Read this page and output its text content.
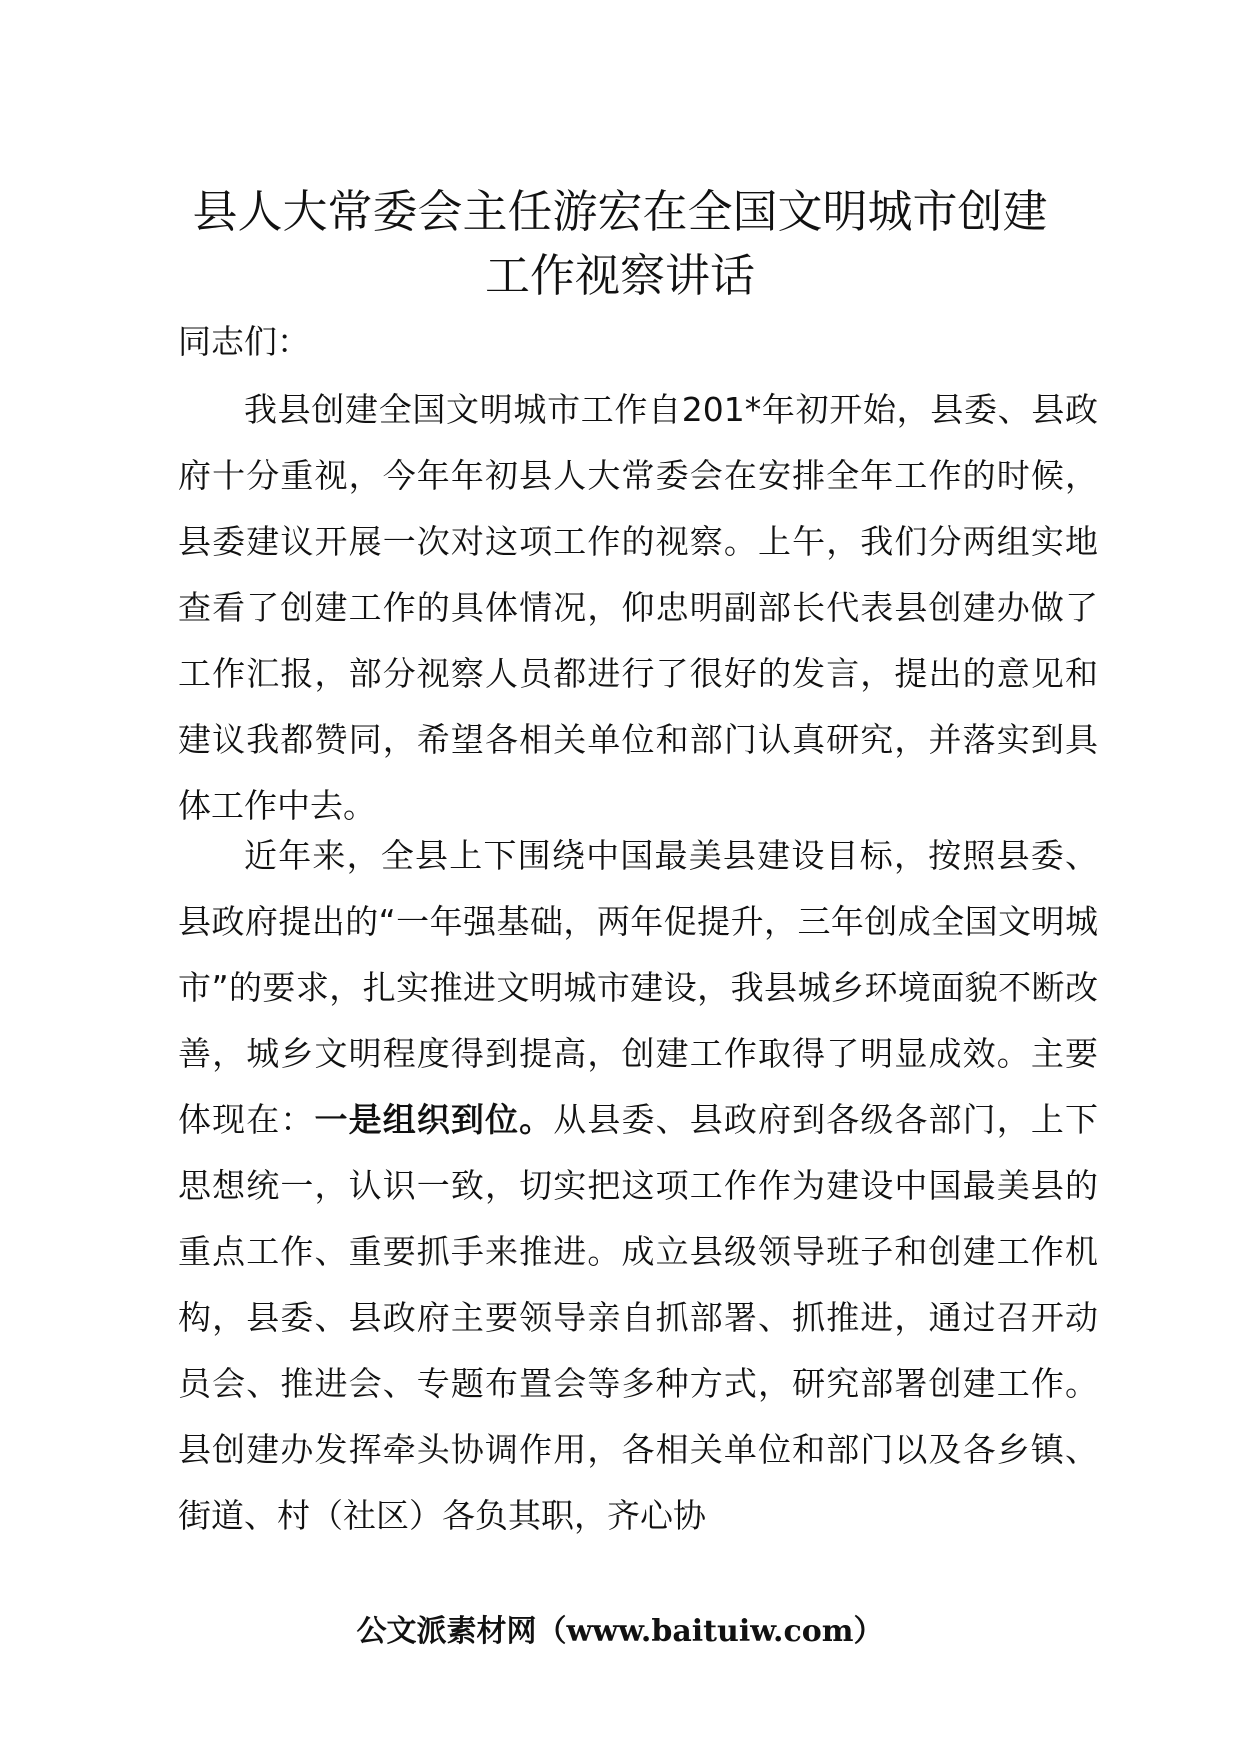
县人大常委会主任游宏在全国文明城市创建
工作视察讲话

同志们：

我县创建全国文明城市工作自201*年初开始，县委、县政府十分重视，今年年初县人大常委会在安排全年工作的时候，县委建议开展一次对这项工作的视察。上午，我们分两组实地查看了创建工作的具体情况，仰忠明副部长代表县创建办做了工作汇报，部分视察人员都进行了很好的发言，提出的意见和建议我都赞同，希望各相关单位和部门认真研究，并落实到具体工作中去。

近年来，全县上下围绕中国最美县建设目标，按照县委、县政府提出的“一年强基础，两年促提升，三年创成全国文明城市”的要求，扎实推进文明城市建设，我县城乡环境面貌不断改善，城乡文明程度得到提高，创建工作取得了明显成效。主要体现在：一是组织到位。从县委、县政府到各级各部门，上下思想统一，认识一致，切实把这项工作作为建设中国最美县的重点工作、重要抓手来推进。成立县级领导班子和创建工作机构，县委、县政府主要领导亲自抓部署、抓推进，通过召开动员会、推进会、专题布置会等多种方式，研究部署创建工作。县创建办发挥牵头协调作用，各相关单位和部门以及各乡镇、街道、村（社区）各负其职，齐心协

公文派素材网（www.baituiw.com）
